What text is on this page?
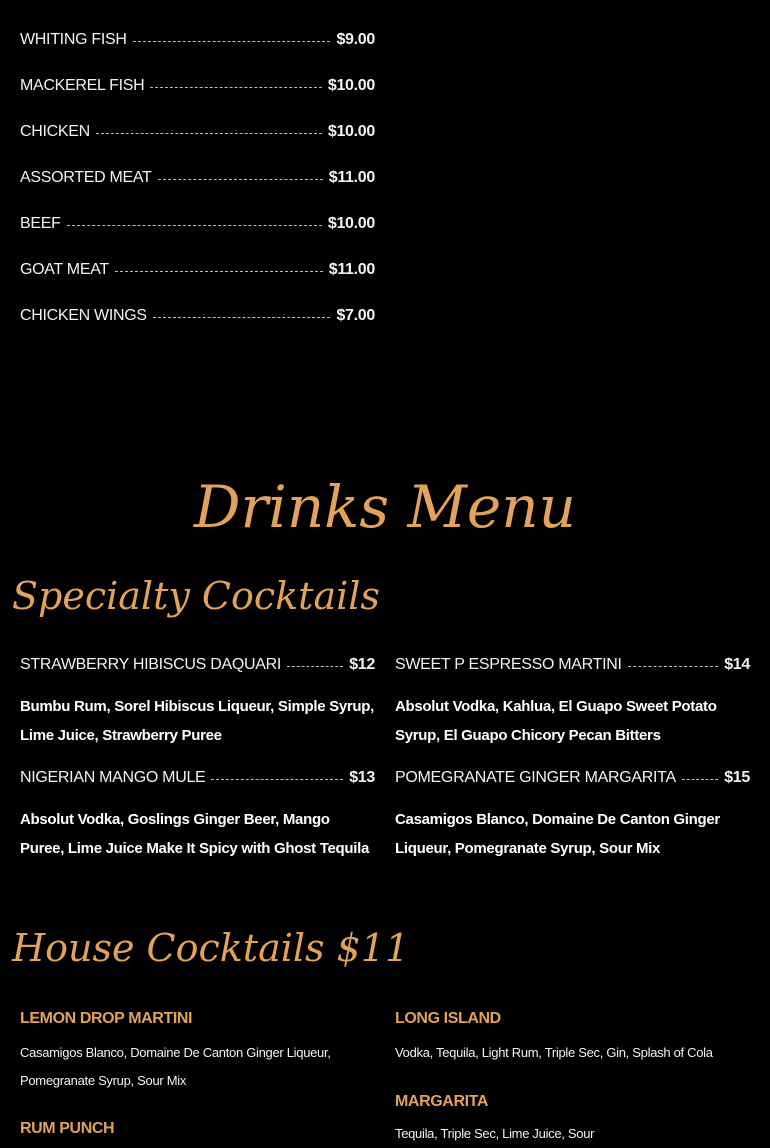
WHITING FISH	$9.00
MACKEREL FISH	$10.00
CHICKEN	$10.00
ASSORTED MEAT	$11.00
BEEF	$10.00
GOAT MEAT	$11.00
CHICKEN WINGS	$7.00
Drinks Menu
Specialty Cocktails
STRAWBERRY HIBISCUS DAQUARI	$12
Bumbu Rum, Sorel Hibiscus Liqueur, Simple Syrup, Lime Juice, Strawberry Puree
SWEET P ESPRESSO MARTINI	$14
Absolut Vodka, Kahlua, El Guapo Sweet Potato Syrup, El Guapo Chicory Pecan Bitters
NIGERIAN MANGO MULE	$13
Absolut Vodka, Goslings Ginger Beer, Mango Puree, Lime Juice Make It Spicy with Ghost Tequila
POMEGRANATE GINGER MARGARITA	$15
Casamigos Blanco, Domaine De Canton Ginger Liqueur, Pomegranate Syrup, Sour Mix
House Cocktails $11
LEMON DROP MARTINI
Casamigos Blanco, Domaine De Canton Ginger Liqueur, Pomegranate Syrup, Sour Mix
LONG ISLAND
Vodka, Tequila, Light Rum, Triple Sec, Gin, Splash of Cola
RUM PUNCH
MARGARITA
Tequila, Triple Sec, Lime Juice, Sour
